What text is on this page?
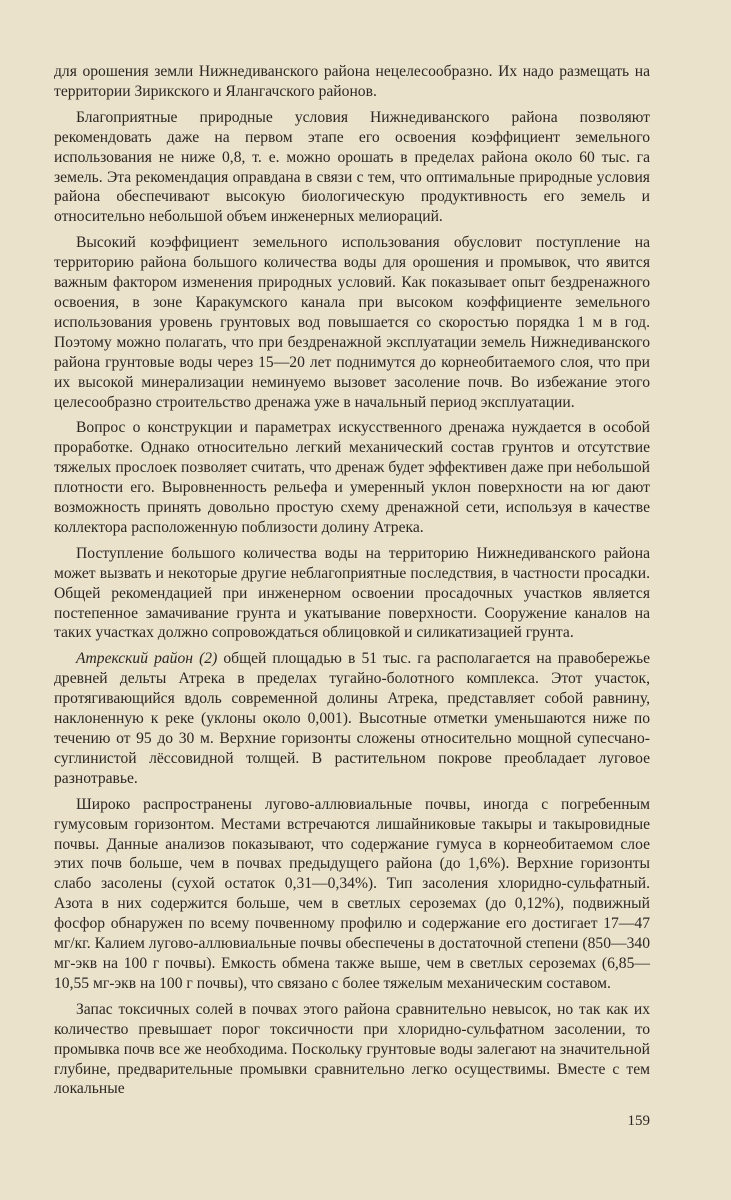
для орошения земли Нижнедиванского района нецелесообразно. Их надо размещать на территории Зирикского и Ялангачского районов.

Благоприятные природные условия Нижнедиванского района позволяют рекомендовать даже на первом этапе его освоения коэффициент земельного использования не ниже 0,8, т. е. можно орошать в пределах района около 60 тыс. га земель. Эта рекомендация оправдана в связи с тем, что оптимальные природные условия района обеспечивают высокую биологическую продуктивность его земель и относительно небольшой объем инженерных мелиораций.

Высокий коэффициент земельного использования обусловит поступление на территорию района большого количества воды для орошения и промывок, что явится важным фактором изменения природных условий. Как показывает опыт бездренажного освоения, в зоне Каракумского канала при высоком коэффициенте земельного использования уровень грунтовых вод повышается со скоростью порядка 1 м в год. Поэтому можно полагать, что при бездренажной эксплуатации земель Нижнедиванского района грунтовые воды через 15—20 лет поднимутся до корнеобитаемого слоя, что при их высокой минерализации неминуемо вызовет засоление почв. Во избежание этого целесообразно строительство дренажа уже в начальный период эксплуатации.

Вопрос о конструкции и параметрах искусственного дренажа нуждается в особой проработке. Однако относительно легкий механический состав грунтов и отсутствие тяжелых прослоек позволяет считать, что дренаж будет эффективен даже при небольшой плотности его. Выровненность рельефа и умеренный уклон поверхности на юг дают возможность принять довольно простую схему дренажной сети, используя в качестве коллектора расположенную поблизости долину Атрека.

Поступление большого количества воды на территорию Нижнедиванского района может вызвать и некоторые другие неблагоприятные последствия, в частности просадки. Общей рекомендацией при инженерном освоении просадочных участков является постепенное замачивание грунта и укатывание поверхности. Сооружение каналов на таких участках должно сопровождаться облицовкой и силикатизацией грунта.

Атрекский район (2) общей площадью в 51 тыс. га располагается на правобережье древней дельты Атрека в пределах тугайно-болотного комплекса. Этот участок, протягивающийся вдоль современной долины Атрека, представляет собой равнину, наклоненную к реке (уклоны около 0,001). Высотные отметки уменьшаются ниже по течению от 95 до 30 м. Верхние горизонты сложены относительно мощной супесчано-суглинистой лёссовидной толщей. В растительном покрове преобладает луговое разнотравье.

Широко распространены лугово-аллювиальные почвы, иногда с погребенным гумусовым горизонтом. Местами встречаются лишайниковые такыры и такыровидные почвы. Данные анализов показывают, что содержание гумуса в корнеобитаемом слое этих почв больше, чем в почвах предыдущего района (до 1,6%). Верхние горизонты слабо засолены (сухой остаток 0,31—0,34%). Тип засоления хлоридно-сульфатный. Азота в них содержится больше, чем в светлых сероземах (до 0,12%), подвижный фосфор обнаружен по всему почвенному профилю и содержание его достигает 17—47 мг/кг. Калием лугово-аллювиальные почвы обеспечены в достаточной степени (850—340 мг-экв на 100 г почвы). Емкость обмена также выше, чем в светлых сероземах (6,85—10,55 мг-экв на 100 г почвы), что связано с более тяжелым механическим составом.

Запас токсичных солей в почвах этого района сравнительно невысок, но так как их количество превышает порог токсичности при хлоридно-сульфатном засолении, то промывка почв все же необходима. Поскольку грунтовые воды залегают на значительной глубине, предварительные промывки сравнительно легко осуществимы. Вместе с тем локальные

159
